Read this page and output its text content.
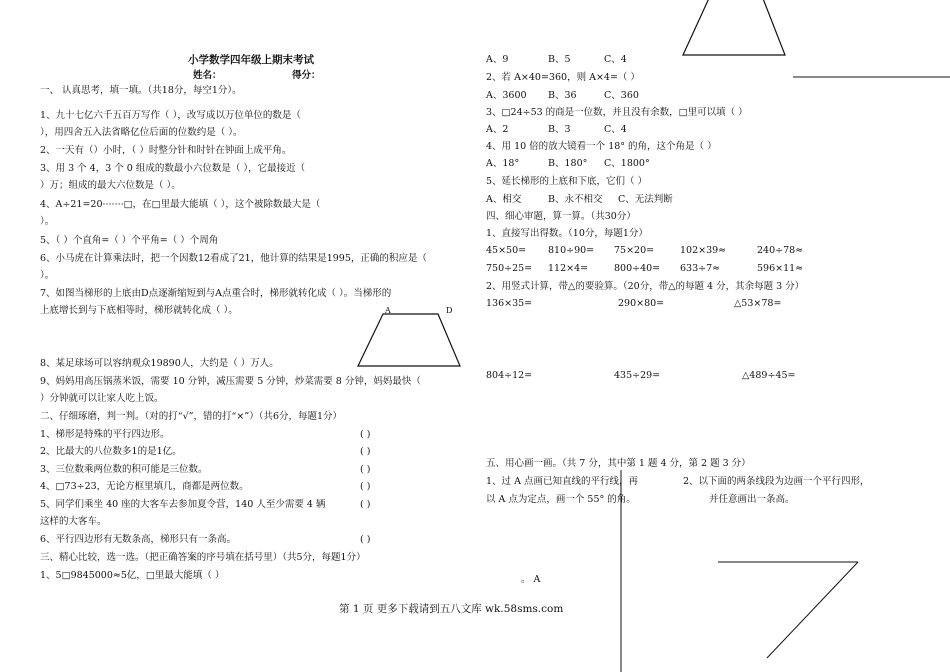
小学数学四年级上期末考试
姓名：	得分：
一、 认真思考，填一填。（共18分，每空1分）。
1、九十七亿六千五百万写作（ ），改写成以万位单位的数是（
），用四舍五入法省略亿位后面的位数约是（ ）。
2、一天有（）小时，（ ）时整分针和时针在钟面上成平角。
3、用 3 个 4，3 个 0 组成的数最小六位数是（ ），它最接近（
）万；组成的最大六位数是（ ）。
4、A÷21=20·······□，在□里最大能填（ ），这个被除数最大是（
）。
5、（ ）个直角=（ ）个平角=（ ）个周角
6、小马虎在计算乘法时，把一个因数12看成了21，他计算的结果是1995，正确的积应是（
）。
7、如图当梯形的上底由D点逐渐缩短到与A点重合时，梯形就转化成（ ）。当梯形的
上底增长到与下底相等时，梯形就转化成（ ）。	A	D
8、某足球场可以容纳观众19890人，大约是（ ）万人。
9、妈妈用高压锅蒸米饭，需要 10 分钟，减压需要 5 分钟，炒菜需要 8 分钟，妈妈最快（
）分钟就可以让家人吃上饭。
二、仔细琢磨，判一判。（对的打“√”，错的打“×”）（共6分，每题1分）
1、梯形是特殊的平行四边形。	( )
2、比最大的八位数多1的是1亿。	( )
3、三位数乘两位数的积可能是三位数。	( )
4、□73÷23，无论方框里填几，商都是两位数。	( )
5、同学们乘坐 40 座的大客车去参加夏令营，140 人至少需要 4 辆	( )
这样的大客车。
6、平行四边形有无数条高，梯形只有一条高。	( )
三、精心比较，选一选。（把正确答案的序号填在括号里）（共5分，每题1分）
1、5□9845000≈5亿，□里最大能填（ ）
A、9	B、5	C、4
2、若 A×40=360，则 A×4=（ ）
A、3600 B、36	C、360
3、□24÷53 的商是一位数，并且没有余数，□里可以填（ ）
A、2	B、3	C、4
4、用 10 倍的放大镜看一个 18° 的角，这个角是（ ）
A、18°	B、180° C、1800°
5、延长梯形的上底和下底，它们（ ）
A、相交	B、永不相交 C、无法判断
四、细心审题，算一算。（共30分）
1、直接写出得数。（10分，每题1分）
45×50= 810÷90= 75×20=	102×39≈	240÷78≈
750÷25= 112×4=	800÷40= 633÷7≈	596×11≈
2、用竖式计算，带△的要验算。（20分，带△的每题 4 分，其余每题 3 分）
136×35=	290×80=	△53×78=
804÷12=	435÷29=	△489÷45=
五、用心画一画。（共 7 分，其中第 1 题 4 分，第 2 题 3 分）
1、过 A 点画已知直线的平行线，再
以 A 点为定点，画一个 55° 的角。
2、以下面的两条线段为边画一个平行四形，
并任意画出一条高。
。 A
第 1 页 更多下载请到五八文库 wk.58sms.com
